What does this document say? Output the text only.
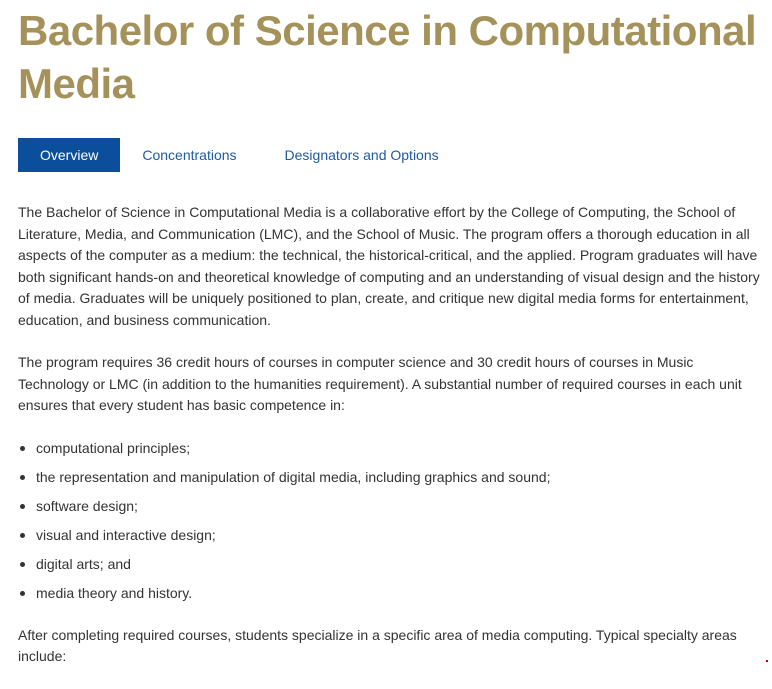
Bachelor of Science in Computational Media
Overview	Concentrations	Designators and Options

The Bachelor of Science in Computational Media is a collaborative effort by the College of Computing, the School of Literature, Media, and Communication (LMC), and the School of Music. The program offers a thorough education in all aspects of the computer as a medium: the technical, the historical-critical, and the applied. Program graduates will have both significant hands-on and theoretical knowledge of computing and an understanding of visual design and the history of media. Graduates will be uniquely positioned to plan, create, and critique new digital media forms for entertainment, education, and business communication.

The program requires 36 credit hours of courses in computer science and 30 credit hours of courses in Music Technology or LMC (in addition to the humanities requirement). A substantial number of required courses in each unit ensures that every student has basic competence in:

computational principles;
the representation and manipulation of digital media, including graphics and sound;
software design;
visual and interactive design;
digital arts; and
media theory and history.

After completing required courses, students specialize in a specific area of media computing. Typical specialty areas include:
